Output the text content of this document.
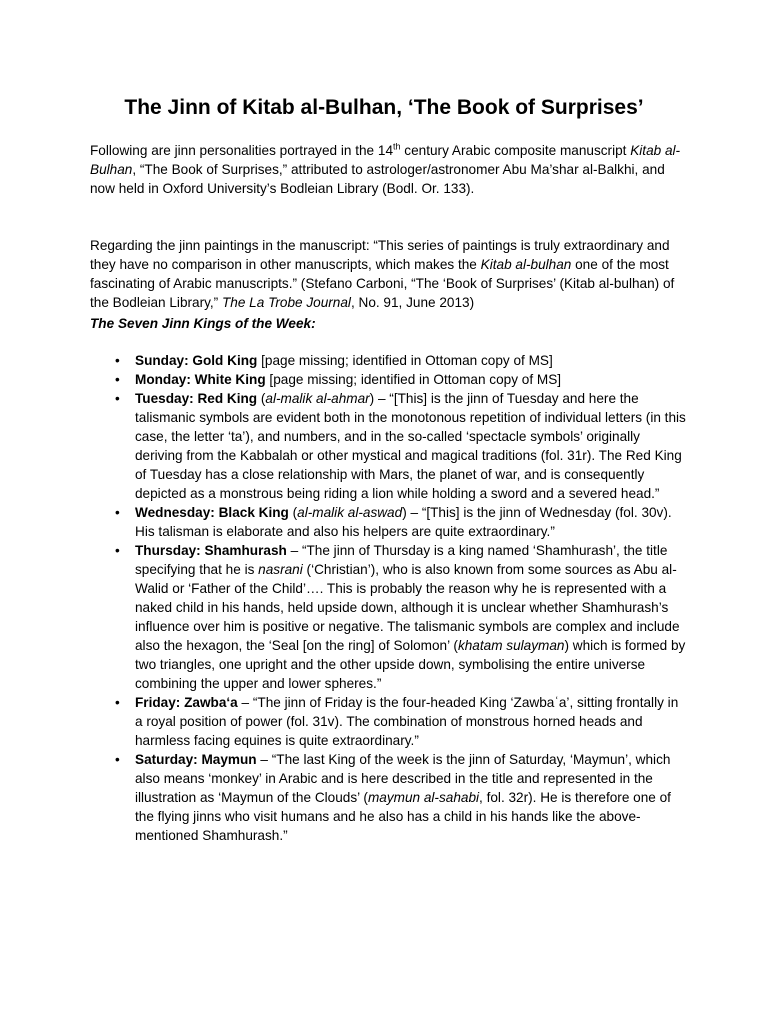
The Jinn of Kitab al-Bulhan, ‘The Book of Surprises’

Following are jinn personalities portrayed in the 14th century Arabic composite manuscript Kitab al-Bulhan, “The Book of Surprises,” attributed to astrologer/astronomer Abu Ma’shar al-Balkhi, and now held in Oxford University’s Bodleian Library (Bodl. Or. 133).

Regarding the jinn paintings in the manuscript: “This series of paintings is truly extraordinary and they have no comparison in other manuscripts, which makes the Kitab al-bulhan one of the most fascinating of Arabic manuscripts.” (Stefano Carboni, “The ‘Book of Surprises’ (Kitab al-bulhan) of the Bodleian Library,” The La Trobe Journal, No. 91, June 2013)

The Seven Jinn Kings of the Week:

• Sunday: Gold King [page missing; identified in Ottoman copy of MS]
• Monday: White King [page missing; identified in Ottoman copy of MS]
• Tuesday: Red King (al-malik al-ahmar) – “[This] is the jinn of Tuesday and here the talismanic symbols are evident both in the monotonous repetition of individual letters (in this case, the letter ‘ta’), and numbers, and in the so-called ‘spectacle symbols’ originally deriving from the Kabbalah or other mystical and magical traditions (fol. 31r). The Red King of Tuesday has a close relationship with Mars, the planet of war, and is consequently depicted as a monstrous being riding a lion while holding a sword and a severed head.”
• Wednesday: Black King (al-malik al-aswad) – “[This] is the jinn of Wednesday (fol. 30v). His talisman is elaborate and also his helpers are quite extraordinary.”
• Thursday: Shamhurash – “The jinn of Thursday is a king named ‘Shamhurash’, the title specifying that he is nasrani (‘Christian’), who is also known from some sources as Abu al-Walid or ‘Father of the Child’…. This is probably the reason why he is represented with a naked child in his hands, held upside down, although it is unclear whether Shamhurash’s influence over him is positive or negative. The talismanic symbols are complex and include also the hexagon, the ‘Seal [on the ring] of Solomon’ (khatam sulayman) which is formed by two triangles, one upright and the other upside down, symbolising the entire universe combining the upper and lower spheres.”
• Friday: Zawba‘a – “The jinn of Friday is the four-headed King ‘Zawbaʿa’, sitting frontally in a royal position of power (fol. 31v). The combination of monstrous horned heads and harmless facing equines is quite extraordinary.”
• Saturday: Maymun – “The last King of the week is the jinn of Saturday, ‘Maymun’, which also means ‘monkey’ in Arabic and is here described in the title and represented in the illustration as ‘Maymun of the Clouds’ (maymun al-sahabi, fol. 32r). He is therefore one of the flying jinns who visit humans and he also has a child in his hands like the above-mentioned Shamhurash.”
